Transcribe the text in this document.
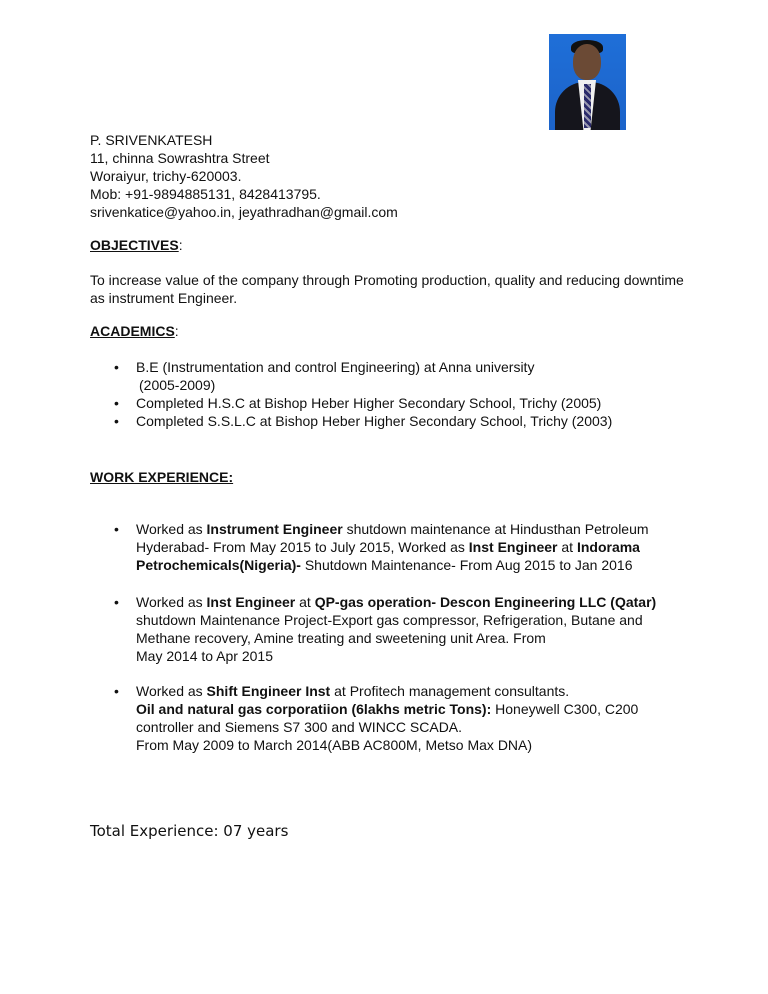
P. SRIVENKATESH
11, chinna Sowrashtra Street
Woraiyur, trichy-620003.
Mob: +91-9894885131, 8428413795.
srivenkatice@yahoo.in, jeyathradhan@gmail.com
OBJECTIVES:
To increase value of the company through Promoting production, quality and reducing downtime
as instrument Engineer.
ACADEMICS:
• B.E (Instrumentation and control Engineering) at Anna university
(2005-2009)
• Completed H.S.C at Bishop Heber Higher Secondary School, Trichy (2005)
• Completed S.S.L.C at Bishop Heber Higher Secondary School, Trichy (2003)
WORK EXPERIENCE:
• Worked as Instrument Engineer shutdown maintenance at Hindusthan Petroleum
Hyderabad- From May 2015 to July 2015, Worked as Inst Engineer at Indorama
Petrochemicals(Nigeria)- Shutdown Maintenance- From Aug 2015 to Jan 2016
• Worked as Inst Engineer at QP-gas operation- Descon Engineering LLC (Qatar)
shutdown Maintenance Project-Export gas compressor, Refrigeration, Butane and
Methane recovery, Amine treating and sweetening unit Area. From
May 2014 to Apr 2015
• Worked as Shift Engineer Inst at Profitech management consultants.
Oil and natural gas corporatiion (6lakhs metric Tons): Honeywell C300, C200
controller and Siemens S7 300 and WINCC SCADA.
From May 2009 to March 2014(ABB AC800M, Metso Max DNA)
Total Experience: 07 years
